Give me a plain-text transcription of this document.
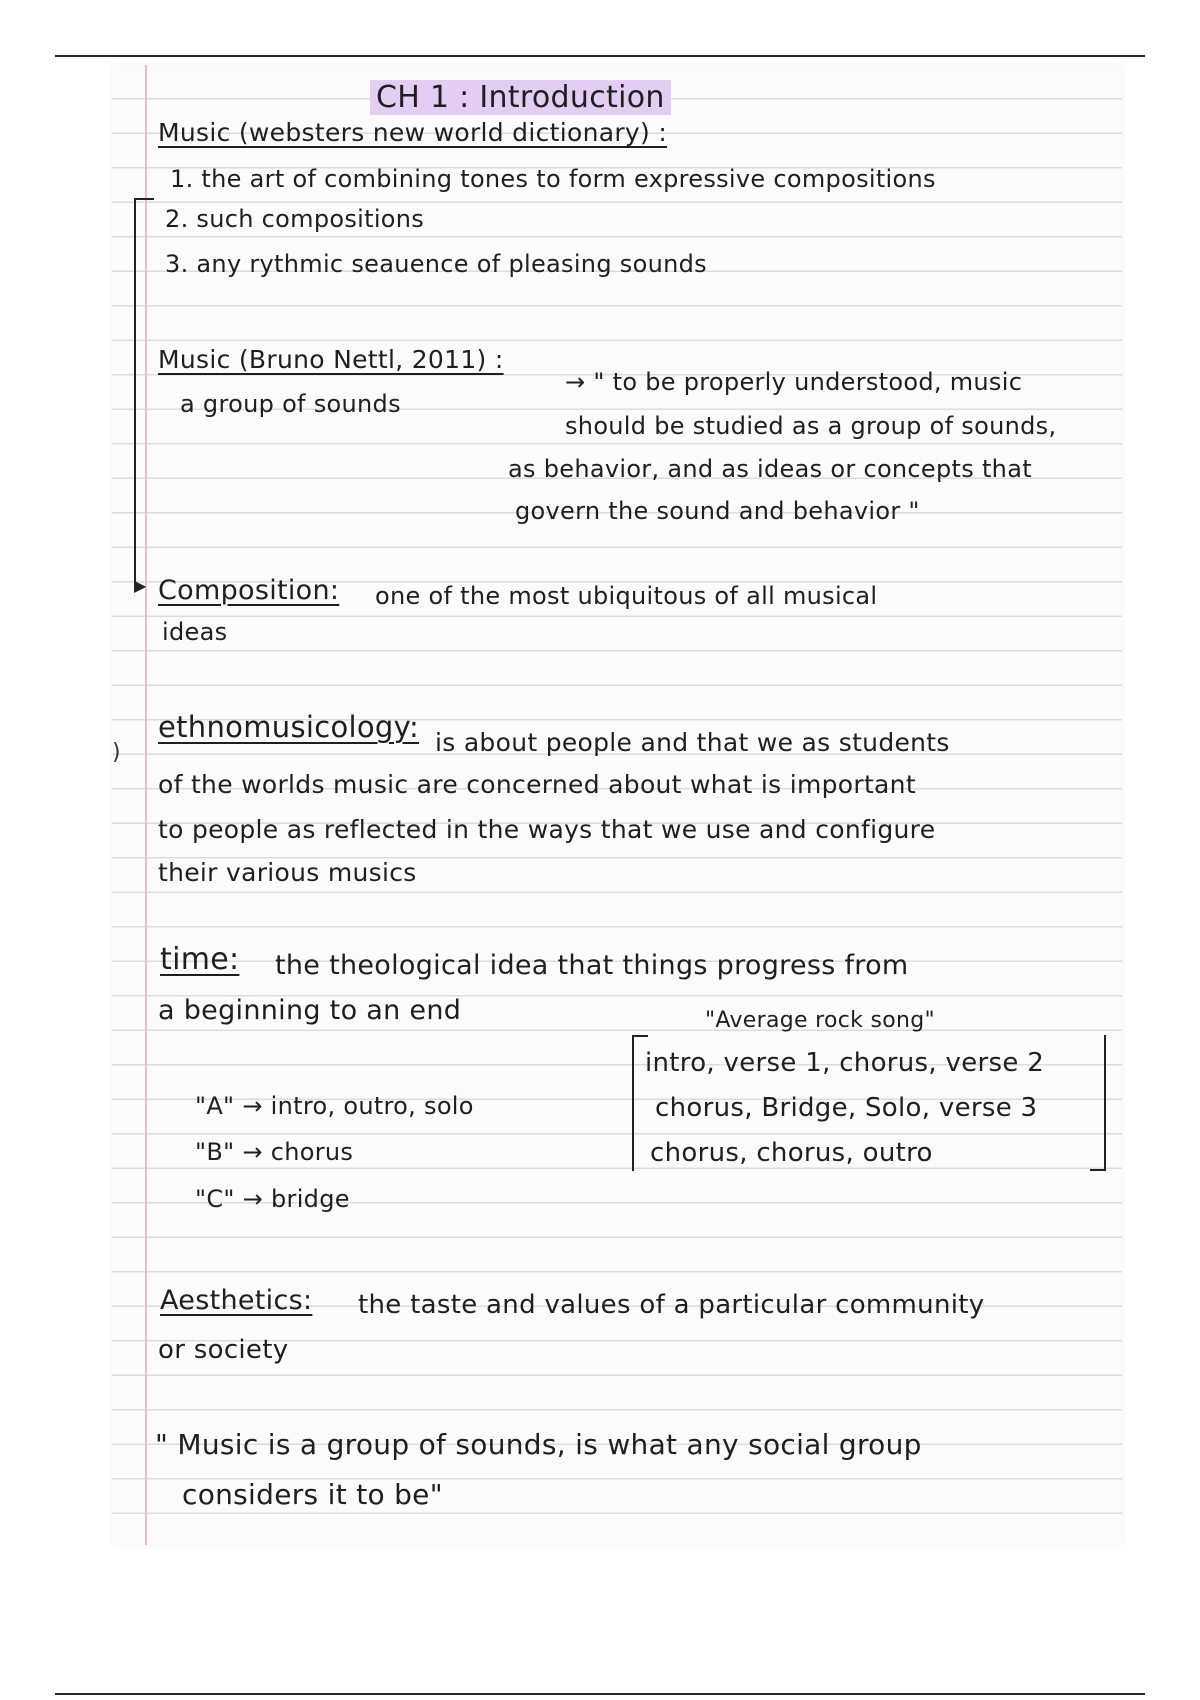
CH 1 : Introduction
Music (websters new world dictionary) :
1. the art of combining tones to form expressive compositions
2. such compositions
3. any rythmic seauence of pleasing sounds
▶
Music (Bruno Nettl, 2011) :
a group of sounds
→ " to be properly understood, music
should be studied as a group of sounds,
as behavior, and as ideas or concepts that
govern the sound and behavior "
Composition: one of the most ubiquitous of all musical
ideas
)
ethnomusicology: is about people and that we as students
of the worlds music are concerned about what is important
to people as reflected in the ways that we use and configure
their various musics
time: the theological idea that things progress from
a beginning to an end
"A" → intro, outro, solo
"B" → chorus
"C" → bridge
"Average rock song"
intro, verse 1, chorus, verse 2
chorus, Bridge, Solo, verse 3
chorus, chorus, outro
Aesthetics: the taste and values of a particular community
or society
" Music is a group of sounds, is what any social group
considers it to be"
